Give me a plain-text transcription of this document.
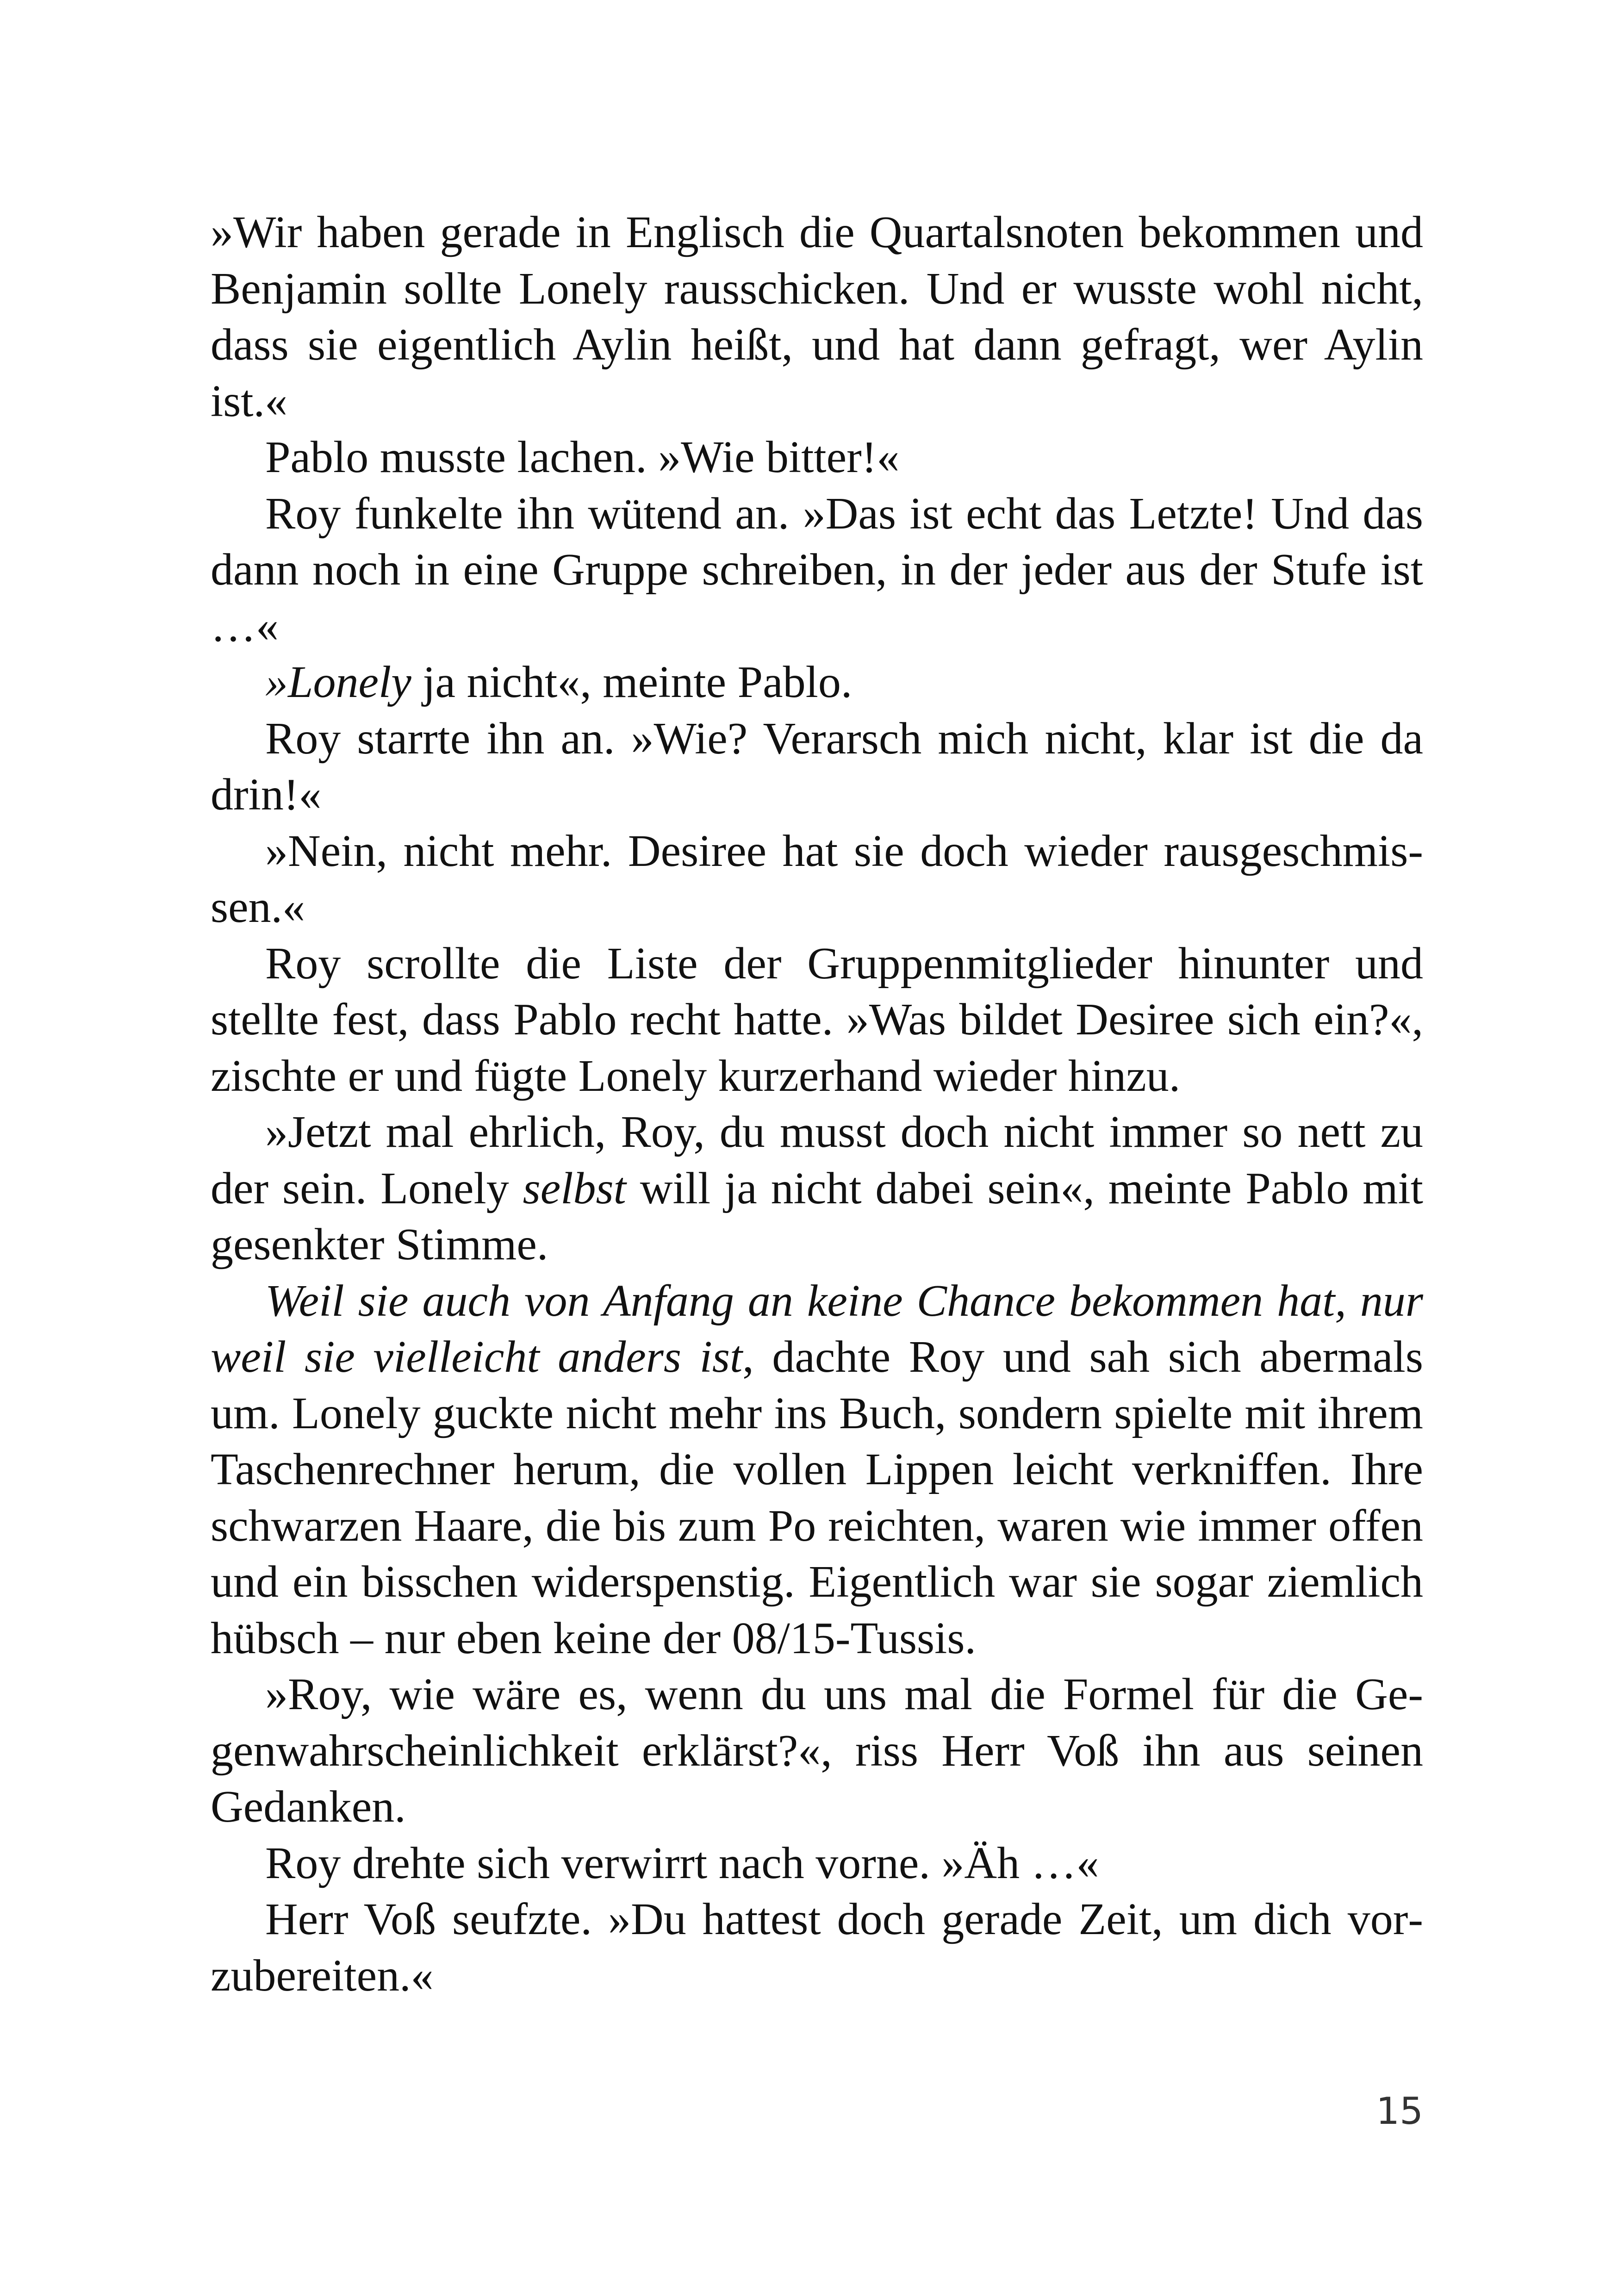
»Wir haben gerade in Englisch die Quartalsnoten bekommen und Benjamin sollte Lonely rausschicken. Und er wusste wohl nicht, dass sie eigentlich Aylin heißt, und hat dann gefragt, wer Aylin ist.«

Pablo musste lachen. »Wie bitter!«

Roy funkelte ihn wütend an. »Das ist echt das Letzte! Und das dann noch in eine Gruppe schreiben, in der jeder aus der Stufe ist …«

»Lonely ja nicht«, meinte Pablo.

Roy starrte ihn an. »Wie? Verarsch mich nicht, klar ist die da drin!«

»Nein, nicht mehr. Desiree hat sie doch wieder rausgeschmissen.«

Roy scrollte die Liste der Gruppenmitglieder hinunter und stellte fest, dass Pablo recht hatte. »Was bildet Desiree sich ein?«, zischte er und fügte Lonely kurzerhand wieder hinzu.

»Jetzt mal ehrlich, Roy, du musst doch nicht immer so nett zu der sein. Lonely selbst will ja nicht dabei sein«, meinte Pablo mit gesenkter Stimme.

Weil sie auch von Anfang an keine Chance bekommen hat, nur weil sie vielleicht anders ist, dachte Roy und sah sich abermals um. Lonely guckte nicht mehr ins Buch, sondern spielte mit ihrem Taschenrechner herum, die vollen Lippen leicht verkniffen. Ihre schwarzen Haare, die bis zum Po reichten, waren wie immer offen und ein bisschen widerspenstig. Eigentlich war sie sogar ziemlich hübsch – nur eben keine der 08/15-Tussis.

»Roy, wie wäre es, wenn du uns mal die Formel für die Gegenwahrscheinlichkeit erklärst?«, riss Herr Voß ihn aus seinen Gedanken.

Roy drehte sich verwirrt nach vorne. »Äh …«

Herr Voß seufzte. »Du hattest doch gerade Zeit, um dich vorzubereiten.«

15
